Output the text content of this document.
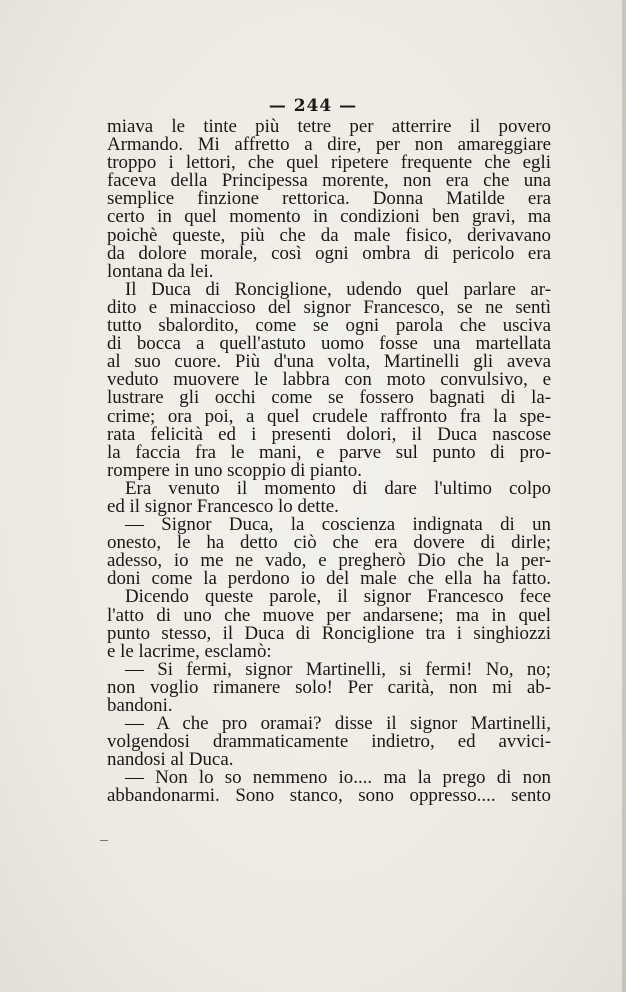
— 244 —
miava le tinte più tetre per atterrire il povero
Armando. Mi affretto a dire, per non amareggiare
troppo i lettori, che quel ripetere frequente che egli
faceva della Principessa morente, non era che una
semplice finzione rettorica. Donna Matilde era
certo in quel momento in condizioni ben gravi, ma
poichè queste, più che da male fisico, derivavano
da dolore morale, così ogni ombra di pericolo era
lontana da lei.
Il Duca di Ronciglione, udendo quel parlare ar-
dito e minaccioso del signor Francesco, se ne sentì
tutto sbalordito, come se ogni parola che usciva
di bocca a quell'astuto uomo fosse una martellata
al suo cuore. Più d'una volta, Martinelli gli aveva
veduto muovere le labbra con moto convulsivo, e
lustrare gli occhi come se fossero bagnati di la-
crime; ora poi, a quel crudele raffronto fra la spe-
rata felicità ed i presenti dolori, il Duca nascose
la faccia fra le mani, e parve sul punto di pro-
rompere in uno scoppio di pianto.
Era venuto il momento di dare l'ultimo colpo
ed il signor Francesco lo dette.
— Signor Duca, la coscienza indignata di un
onesto, le ha detto ciò che era dovere di dirle;
adesso, io me ne vado, e pregherò Dio che la per-
doni come la perdono io del male che ella ha fatto.
Dicendo queste parole, il signor Francesco fece
l'atto di uno che muove per andarsene; ma in quel
punto stesso, il Duca di Ronciglione tra i singhiozzi
e le lacrime, esclamò:
— Si fermi, signor Martinelli, si fermi! No, no;
non voglio rimanere solo! Per carità, non mi ab-
bandoni.
— A che pro oramai? disse il signor Martinelli,
volgendosi drammaticamente indietro, ed avvici-
nandosi al Duca.
— Non lo so nemmeno io.... ma la prego di non
abbandonarmi. Sono stanco, sono oppresso.... sento
